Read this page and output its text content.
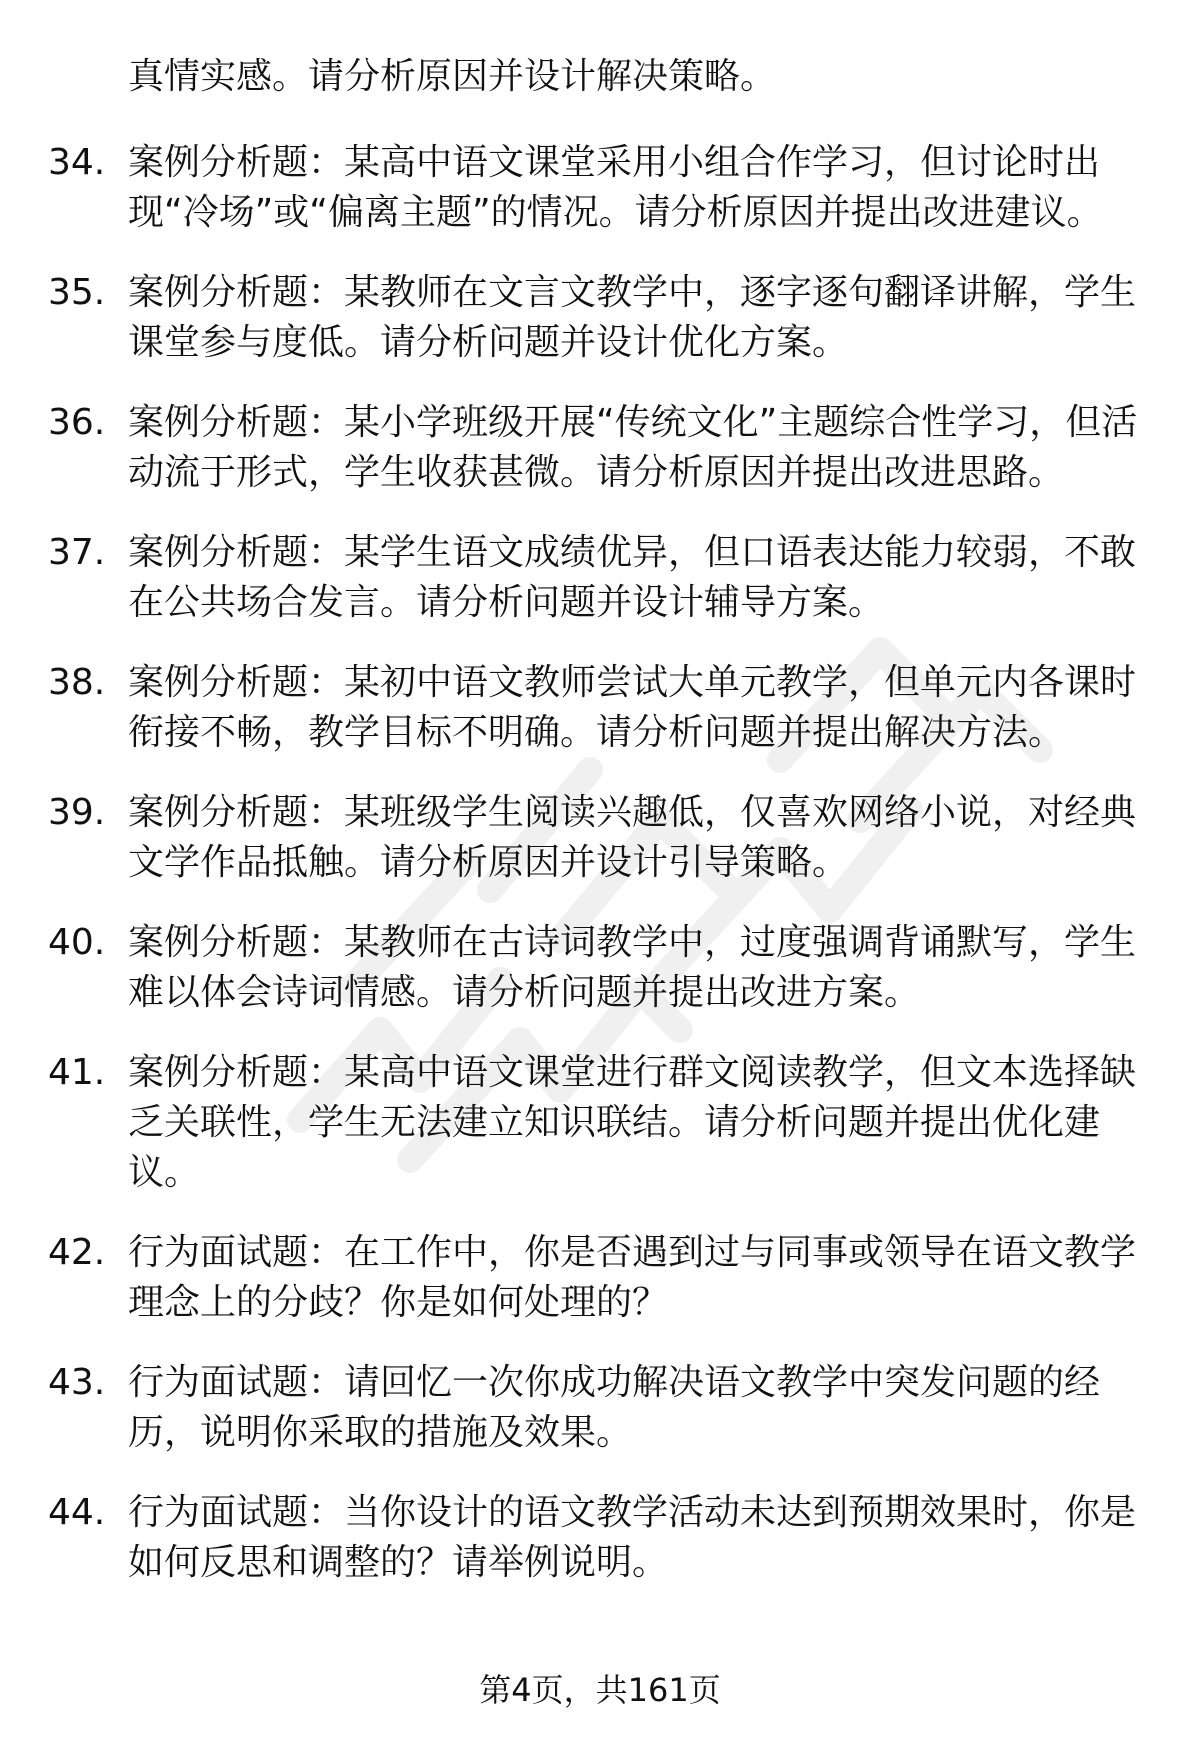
真情实感。请分析原因并设计解决策略。
34. 案例分析题：某高中语文课堂采用小组合作学习，但讨论时出现“冷场”或“偏离主题”的情况。请分析原因并提出改进建议。
35. 案例分析题：某教师在文言文教学中，逐字逐句翻译讲解，学生课堂参与度低。请分析问题并设计优化方案。
36. 案例分析题：某小学班级开展“传统文化”主题综合性学习，但活动流于形式，学生收获甚微。请分析原因并提出改进思路。
37. 案例分析题：某学生语文成绩优异，但口语表达能力较弱，不敢在公共场合发言。请分析问题并设计辅导方案。
38. 案例分析题：某初中语文教师尝试大单元教学，但单元内各课时衔接不畅，教学目标不明确。请分析问题并提出解决方法。
39. 案例分析题：某班级学生阅读兴趣低，仅喜欢网络小说，对经典文学作品抵触。请分析原因并设计引导策略。
40. 案例分析题：某教师在古诗词教学中，过度强调背诵默写，学生难以体会诗词情感。请分析问题并提出改进方案。
41. 案例分析题：某高中语文课堂进行群文阅读教学，但文本选择缺乏关联性，学生无法建立知识联结。请分析问题并提出优化建议。
42. 行为面试题：在工作中，你是否遇到过与同事或领导在语文教学理念上的分歧？你是如何处理的？
43. 行为面试题：请回忆一次你成功解决语文教学中突发问题的经历，说明你采取的措施及效果。
44. 行为面试题：当你设计的语文教学活动未达到预期效果时，你是如何反思和调整的？请举例说明。
第4页，共161页
